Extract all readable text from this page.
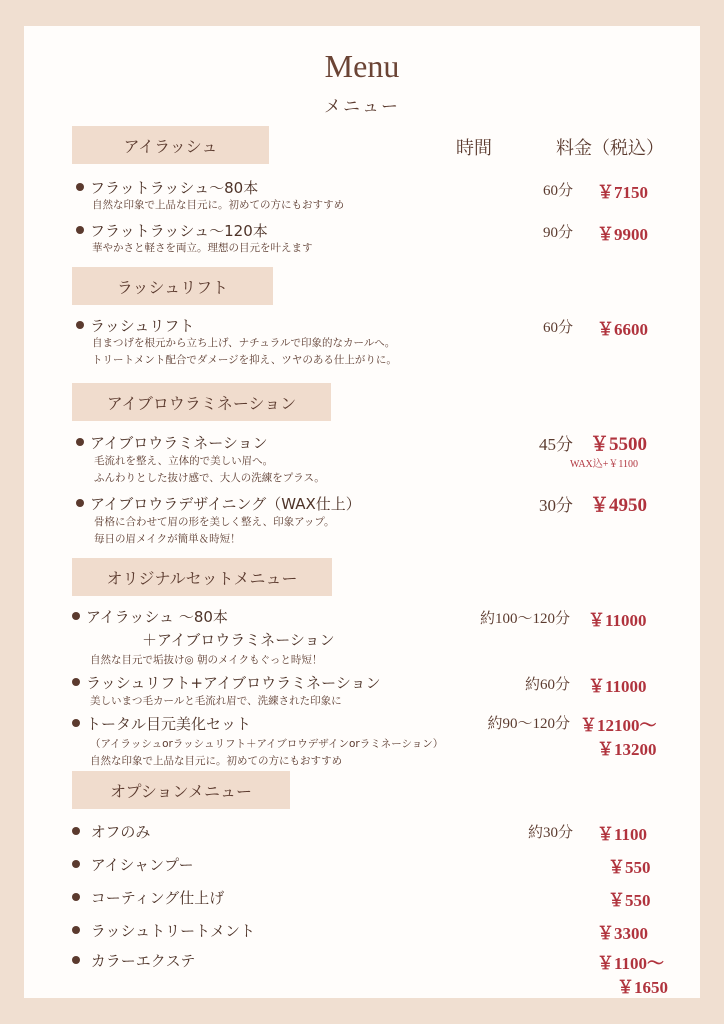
Menu
メニュー
アイラッシュ	時間	料金（税込）
フラットラッシュ〜80本
自然な印象で上品な目元に。初めての方にもおすすめ
60分 ￥7150
フラットラッシュ〜120本
華やかさと軽さを両立。理想の目元を叶えます
90分 ￥9900
ラッシュリフト
ラッシュリフト
自まつげを根元から立ち上げ、ナチュラルで印象的なカールへ。
トリートメント配合でダメージを抑え、ツヤのある仕上がりに。
60分 ￥6600
アイブロウラミネーション
アイブロウラミネーション
毛流れを整え、立体的で美しい眉へ。
ふんわりとした抜け感で、大人の洗練をプラス。
45分 ￥5500
WAX込+￥1100
アイブロウラデザイニング（WAX仕上）
骨格に合わせて眉の形を美しく整え、印象アップ。
毎日の眉メイクが簡単＆時短！
30分 ￥4950
オリジナルセットメニュー
アイラッシュ 〜80本
＋アイブロウラミネーション
自然な目元で垢抜け◎ 朝のメイクもぐっと時短！
約100〜120分 ￥11000
ラッシュリフト+アイブロウラミネーション
美しいまつ毛カールと毛流れ眉で、洗練された印象に
約60分 ￥11000
トータル目元美化セット
（アイラッシュorラッシュリフト＋アイブロウデザインorラミネーション）
自然な印象で上品な目元に。初めての方にもおすすめ
約90〜120分 ￥12100〜
￥13200
オプションメニュー
オフのみ	約30分 ￥1100
アイシャンプー	￥550
コーティング仕上げ	￥550
ラッシュトリートメント	￥3300
カラーエクステ	￥1100〜
￥1650
